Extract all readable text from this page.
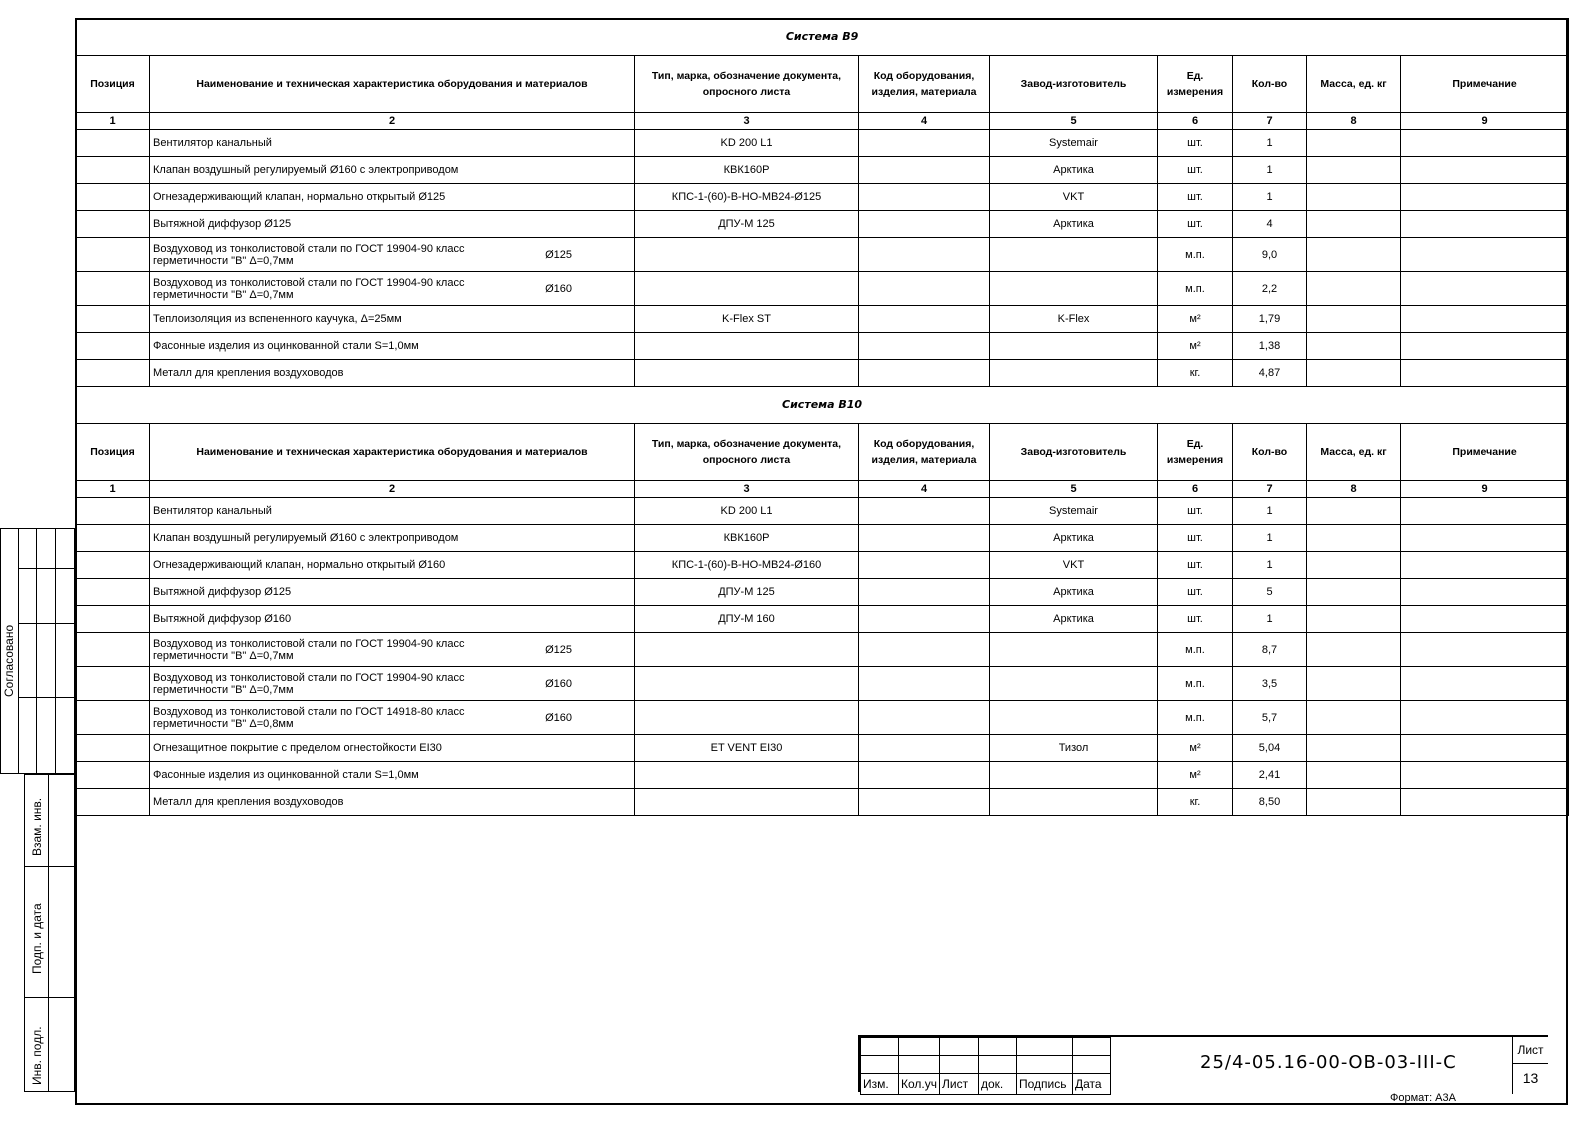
Система В9								
Позиция	Наименование и техническая характеристика оборудования и материалов	Тип, марка, обозначение документа, опросного листа	Код оборудования, изделия, материала	Завод-изготовитель	Ед. измерения	Кол-во	Масса, ед. кг	Примечание
1	2	3	4	5	6	7	8	9
	Вентилятор канальный	KD 200 L1		Systemair	шт.	1		
	Клапан воздушный регулируемый Ø160 с электроприводом	КВК160Р		Арктика	шт.	1		
	Огнезадерживающий клапан, нормально открытый Ø125	КПС-1-(60)-В-НО-МВ24-Ø125		VKT	шт.	1		
	Вытяжной диффузор Ø125	ДПУ-М 125		Арктика	шт.	4		

	Воздуховод из тонколистовой стали по ГОСТ 19904-90 класс герметичности "В" Δ=0,7мм Ø125				м.п.	9,0		

	Воздуховод из тонколистовой стали по ГОСТ 19904-90 класс герметичности "В" Δ=0,7мм Ø160				м.п.	2,2		
	Теплоизоляция из вспененного каучука, Δ=25мм	K-Flex ST		K-Flex	м²	1,79		
	Фасонные изделия из оцинкованной стали S=1,0мм				м²	1,38		
	Металл для крепления воздуховодов				кг.	4,87		
Система В10								
Позиция	Наименование и техническая характеристика оборудования и материалов	Тип, марка, обозначение документа, опросного листа	Код оборудования, изделия, материала	Завод-изготовитель	Ед. измерения	Кол-во	Масса, ед. кг	Примечание
1	2	3	4	5	6	7	8	9
	Вентилятор канальный	KD 200 L1		Systemair	шт.	1		
	Клапан воздушный регулируемый Ø160 с электроприводом	КВК160Р		Арктика	шт.	1		
	Огнезадерживающий клапан, нормально открытый Ø160	КПС-1-(60)-В-НО-МВ24-Ø160		VKT	шт.	1		
	Вытяжной диффузор Ø125	ДПУ-М 125		Арктика	шт.	5		
	Вытяжной диффузор Ø160	ДПУ-М 160		Арктика	шт.	1		

	Воздуховод из тонколистовой стали по ГОСТ 19904-90 класс герметичности "В" Δ=0,7мм Ø125				м.п.	8,7		

	Воздуховод из тонколистовой стали по ГОСТ 19904-90 класс герметичности "В" Δ=0,7мм Ø160				м.п.	3,5		

	Воздуховод из тонколистовой стали по ГОСТ 14918-80 класс герметичности "В" Δ=0,8мм Ø160				м.п.	5,7		
	Огнезащитное покрытие с пределом огнестойкости EI30	ET VENT EI30		Тизол	м²	5,04		
	Фасонные изделия из оцинкованной стали S=1,0мм				м²	2,41		
	Металл для крепления воздуховодов				кг.	8,50		
Согласовано
Взам. инв.
Подп. и дата
Инв. подл.

						Изм.	Кол.уч	Лист	док.	Подпись	Дата
25/4-05.16-00-ОВ-03-III-С
Лист
13
Формат: А3А
